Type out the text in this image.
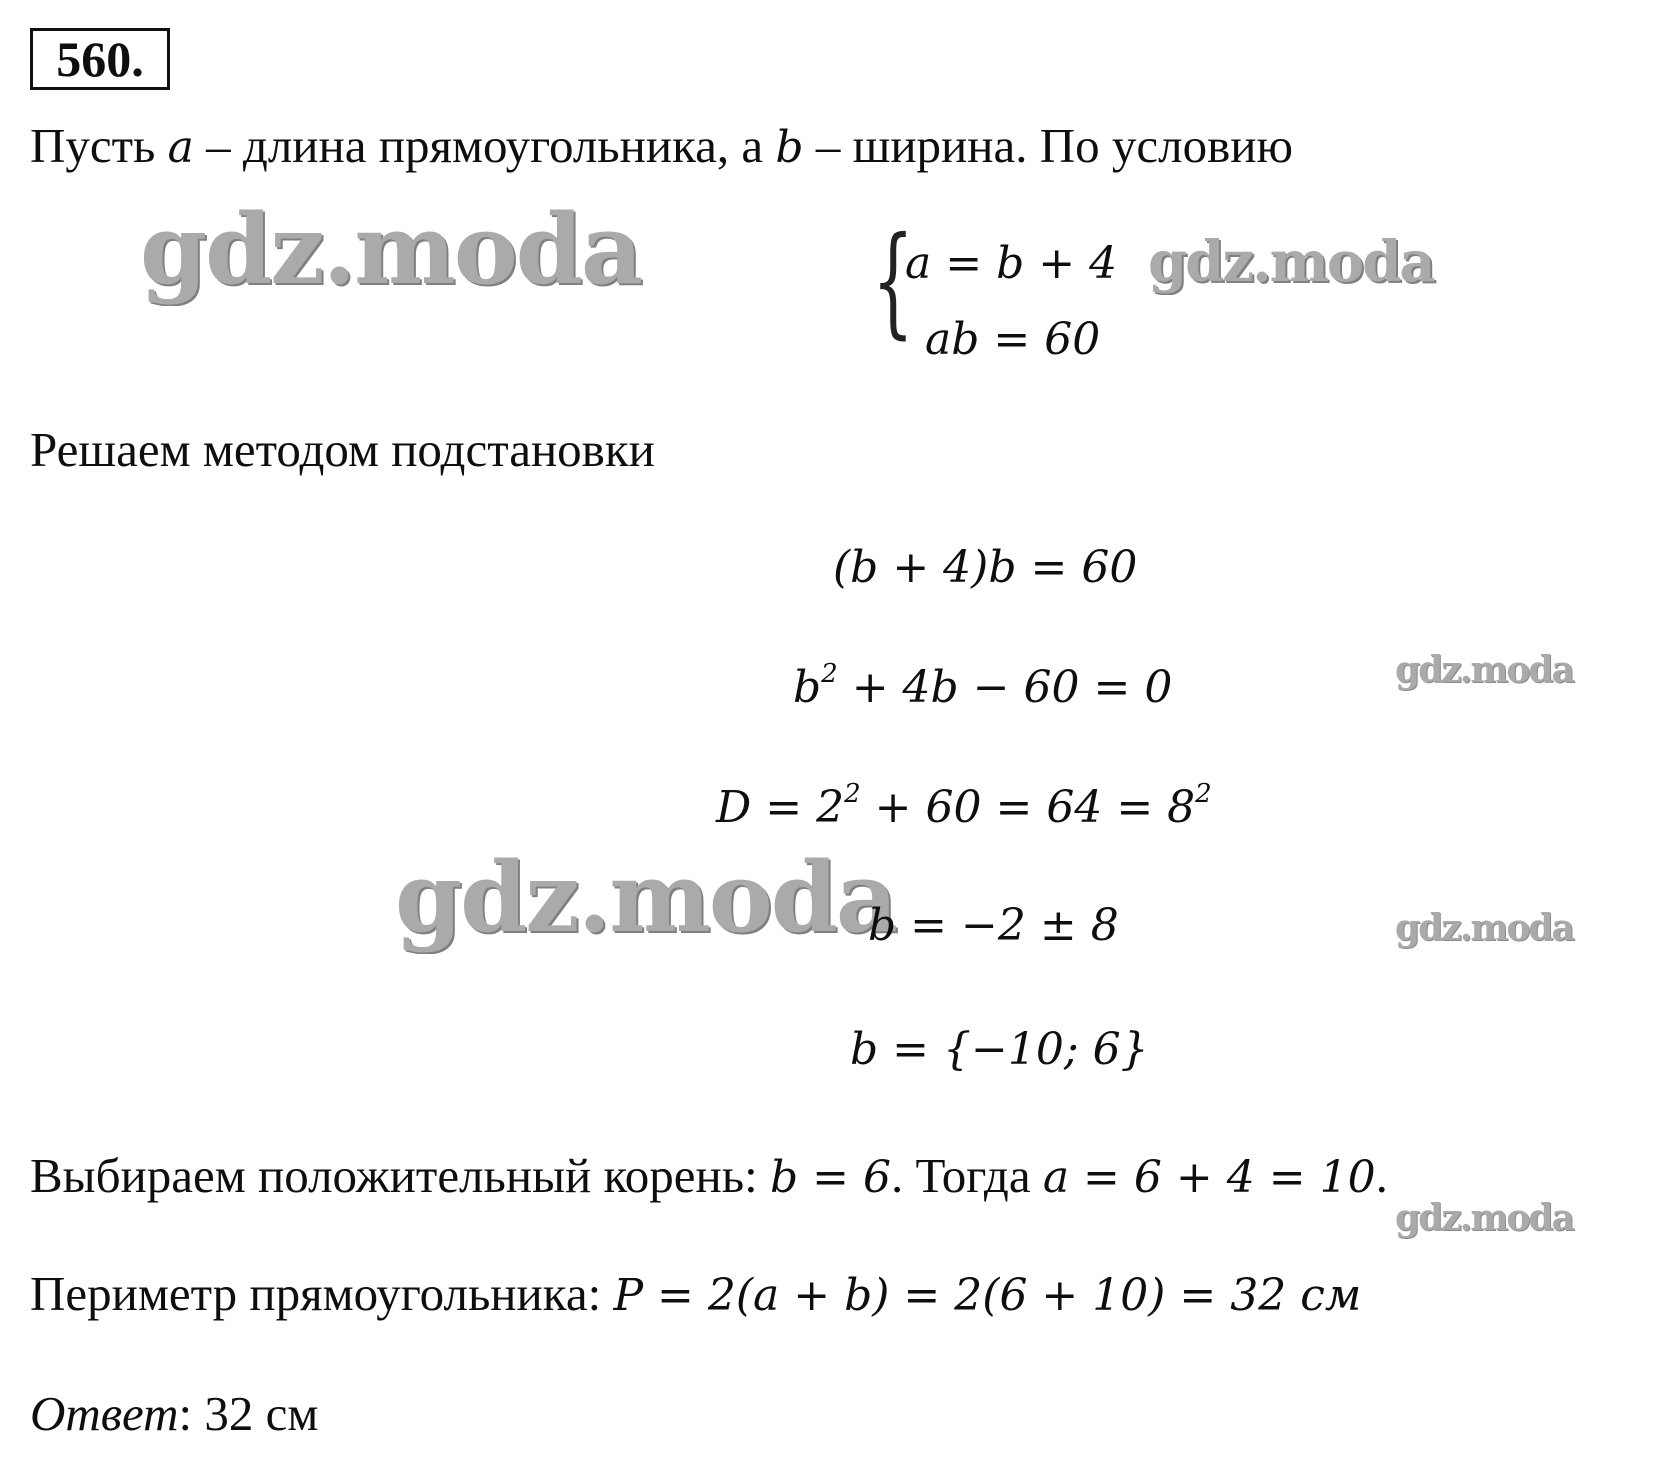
560.
Пусть a – длина прямоугольника, а b – ширина. По условию
gdz.moda {
a = b + 4
ab = 60
gdz.moda
Решаем методом подстановки
(b + 4)b = 60
$b^2 + 4b - 60 = 0$	gdz.moda
$D = 2^2 + 60 = 64 = 8^2$
gdz.moda
b = −2 ± 8	gdz.moda
b = {−10; 6}
Выбираем положительный корень: b = 6. Тогда a = 6 + 4 = 10.
gdz.moda
Периметр прямоугольника: P = 2(a + b) = 2(6 + 10) = 32 см
Ответ: 32 см
